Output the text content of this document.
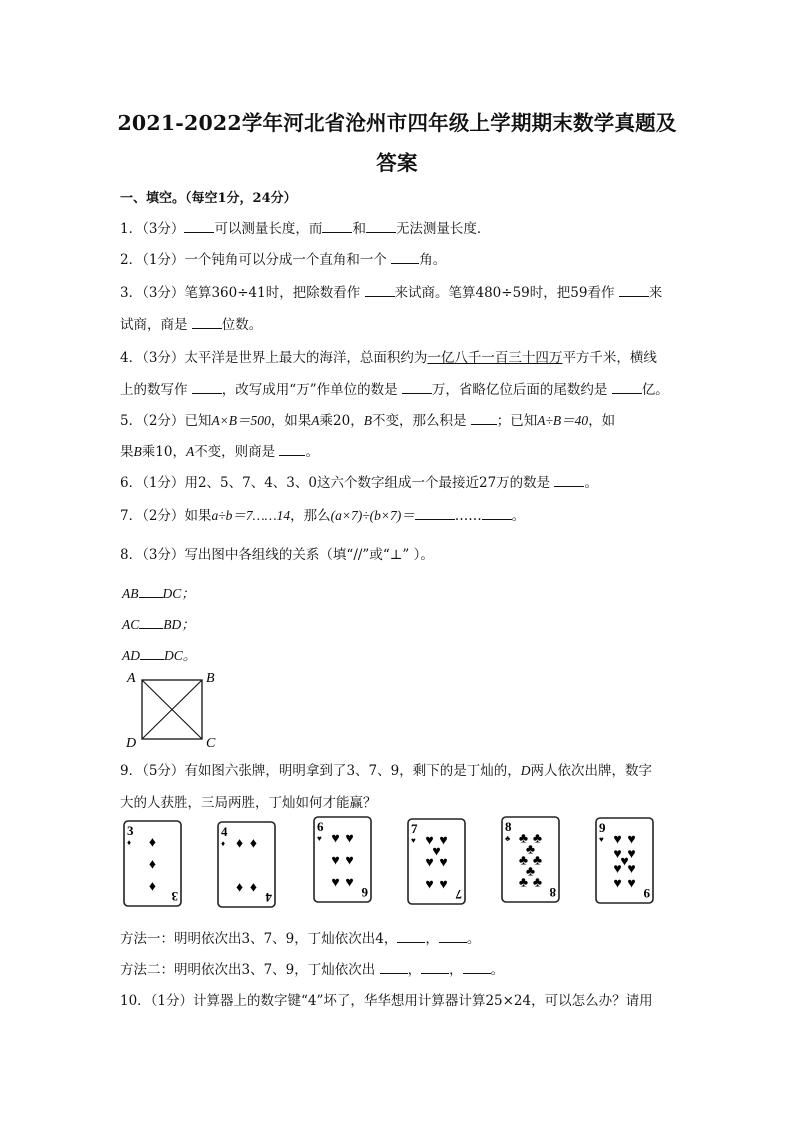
2021-2022学年河北省沧州市四年级上学期期末数学真题及
答案
一、填空。（每空1分，24分）
1．（3分） 可以测量长度，而 和 无法测量长度．
2．（1分）一个钝角可以分成一个直角和一个 角。
3．（3分）笔算360÷41时，把除数看作 来试商。笔算480÷59时，把59看作 来
试商，商是 位数。
4．（3分）太平洋是世界上最大的海洋，总面积约为一亿八千一百三十四万平方千米，横线
上的数写作 ，改写成用“万”作单位的数是 万，省略亿位后面的尾数约是 亿。
5．（2分）已知A×B＝500，如果A乘20，B不变，那么积是 ；已知A÷B＝40，如
果B乘10，A不变，则商是 。
6．（1分）用2、5、7、4、3、0这六个数字组成一个最接近27万的数是 。
7．（2分）如果a÷b＝7……14，那么(a×7)÷(b×7)＝	…… 。
8．（3分）写出图中各组线的关系（填“//”或“⊥” ）。
AB DC；
AC BD；
AD DC。
A	B
C
D
9．（5分）有如图六张牌，明明拿到了3、7、9，剩下的是丁灿的，D两人依次出牌，数字
大的人获胜，三局两胜，丁灿如何才能赢？
3
♦
3
♦
♦
♦
4
♦
4
♦ ♦
♦ ♦
6
♥
6
♥ ♥
♥ ♥
♥ ♥
7
♥
7
♥ ♥
♥
♥ ♥
♥ ♥
8
♣
8
♣ ♣
♣
♣ ♣
♣
♣ ♣
9
♥
9
♥ ♥
♥ ♥
♥
♥ ♥
♥ ♥
方法一：明明依次出3、7、9，丁灿依次出4， ， 。
方法二：明明依次出3、7、9，丁灿依次出 ， ， 。
10．（1分）计算器上的数字键“4”坏了，华华想用计算器计算25×24，可以怎么办？请用
